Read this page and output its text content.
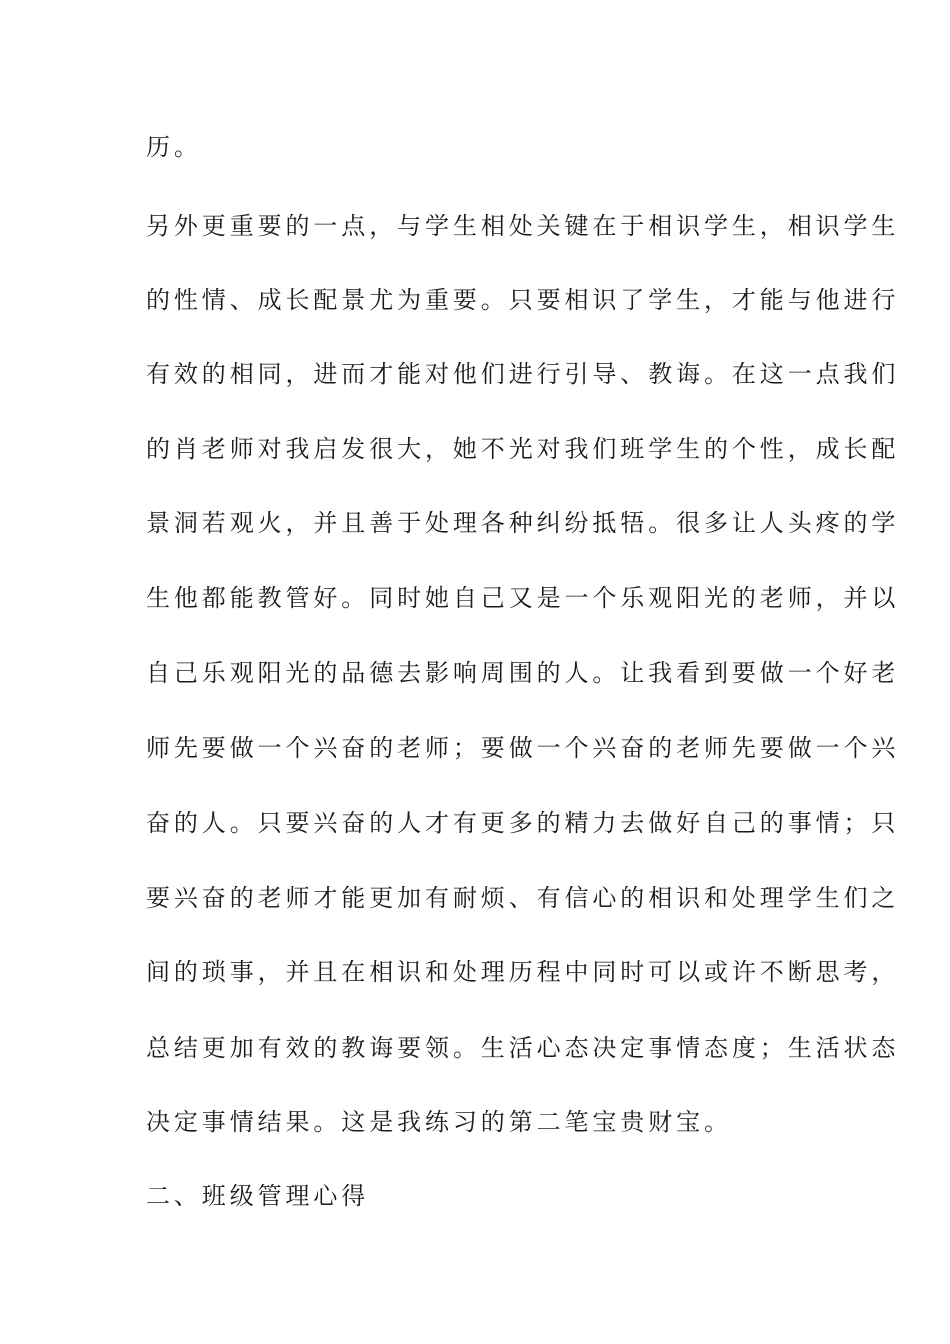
历。
另外更重要的一点，与学生相处关键在于相识学生，相识学生
的性情、成长配景尤为重要。只要相识了学生，才能与他进行
有效的相同，进而才能对他们进行引导、教诲。在这一点我们
的肖老师对我启发很大，她不光对我们班学生的个性，成长配
景洞若观火，并且善于处理各种纠纷抵牾。很多让人头疼的学
生他都能教管好。同时她自己又是一个乐观阳光的老师，并以
自己乐观阳光的品德去影响周围的人。让我看到要做一个好老
师先要做一个兴奋的老师；要做一个兴奋的老师先要做一个兴
奋的人。只要兴奋的人才有更多的精力去做好自己的事情；只
要兴奋的老师才能更加有耐烦、有信心的相识和处理学生们之
间的琐事，并且在相识和处理历程中同时可以或许不断思考，
总结更加有效的教诲要领。生活心态决定事情态度；生活状态
决定事情结果。这是我练习的第二笔宝贵财宝。
二、班级管理心得
